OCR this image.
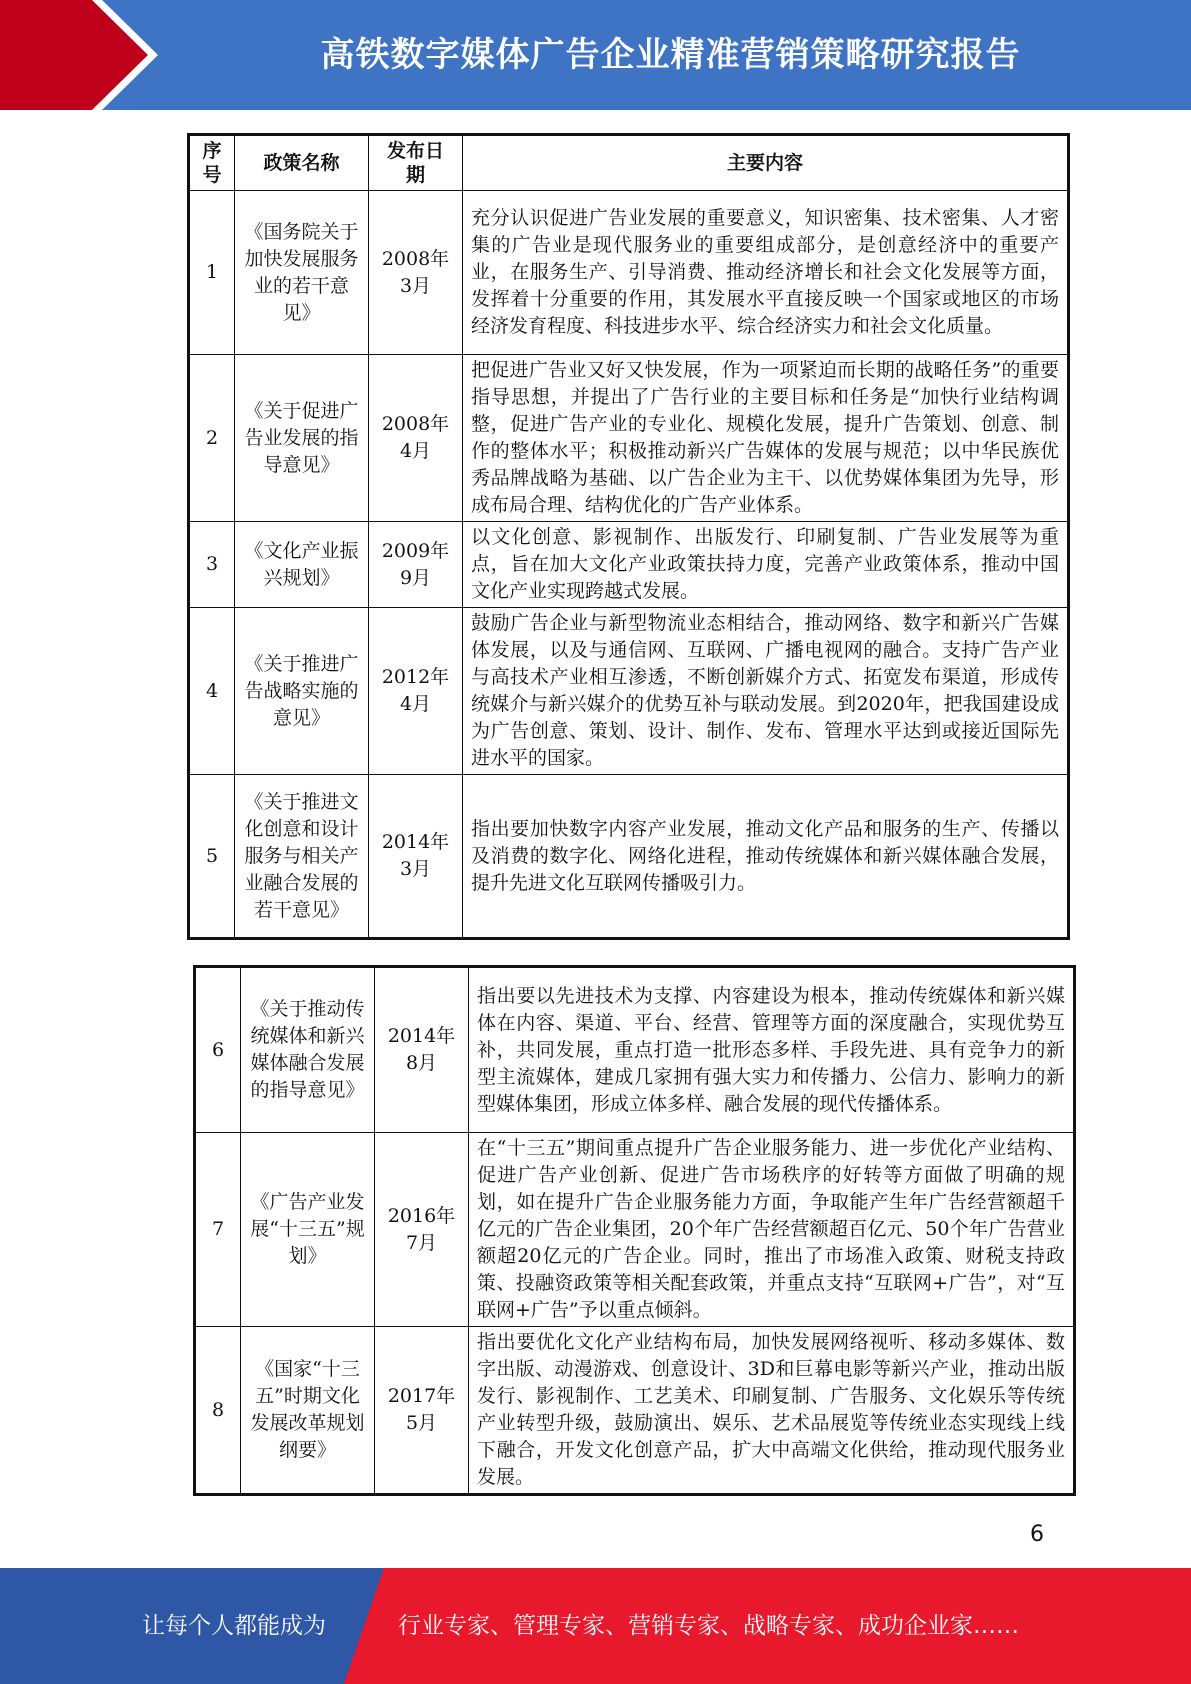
高铁数字媒体广告企业精准营销策略研究报告
序号	政策名称	发布日期	主要内容
1	《国务院关于加快发展服务业的若干意见》	2008年3月	充分认识促进广告业发展的重要意义，知识密集、技术密集、人才密集的广告业是现代服务业的重要组成部分，是创意经济中的重要产业，在服务生产、引导消费、推动经济增长和社会文化发展等方面，发挥着十分重要的作用，其发展水平直接反映一个国家或地区的市场经济发育程度、科技进步水平、综合经济实力和社会文化质量。
2	《关于促进广告业发展的指导意见》	2008年4月	把促进广告业又好又快发展，作为一项紧迫而长期的战略任务”的重要指导思想，并提出了广告行业的主要目标和任务是“加快行业结构调整，促进广告产业的专业化、规模化发展，提升广告策划、创意、制作的整体水平；积极推动新兴广告媒体的发展与规范；以中华民族优秀品牌战略为基础、以广告企业为主干、以优势媒体集团为先导，形成布局合理、结构优化的广告产业体系。
3	《文化产业振兴规划》	2009年9月	以文化创意、影视制作、出版发行、印刷复制、广告业发展等为重点，旨在加大文化产业政策扶持力度，完善产业政策体系，推动中国文化产业实现跨越式发展。
4	《关于推进广告战略实施的意见》	2012年4月	鼓励广告企业与新型物流业态相结合，推动网络、数字和新兴广告媒体发展，以及与通信网、互联网、广播电视网的融合。支持广告产业与高技术产业相互渗透，不断创新媒介方式、拓宽发布渠道，形成传统媒介与新兴媒介的优势互补与联动发展。到2020年，把我国建设成为广告创意、策划、设计、制作、发布、管理水平达到或接近国际先进水平的国家。
5	《关于推进文化创意和设计服务与相关产业融合发展的若干意见》	2014年3月	指出要加快数字内容产业发展，推动文化产品和服务的生产、传播以及消费的数字化、网络化进程，推动传统媒体和新兴媒体融合发展，提升先进文化互联网传播吸引力。
6	《关于推动传统媒体和新兴媒体融合发展的指导意见》	2014年8月	指出要以先进技术为支撑、内容建设为根本，推动传统媒体和新兴媒体在内容、渠道、平台、经营、管理等方面的深度融合，实现优势互补，共同发展，重点打造一批形态多样、手段先进、具有竞争力的新型主流媒体，建成几家拥有强大实力和传播力、公信力、影响力的新型媒体集团，形成立体多样、融合发展的现代传播体系。
7	《广告产业发展“十三五”规划》	2016年7月	在“十三五”期间重点提升广告企业服务能力、进一步优化产业结构、促进广告产业创新、促进广告市场秩序的好转等方面做了明确的规划，如在提升广告企业服务能力方面，争取能产生年广告经营额超千亿元的广告企业集团，20个年广告经营额超百亿元、50个年广告营业额超20亿元的广告企业。同时，推出了市场准入政策、财税支持政策、投融资政策等相关配套政策，并重点支持“互联网+广告”，对“互联网+广告”予以重点倾斜。
8	《国家“十三五”时期文化发展改革规划纲要》	2017年5月	指出要优化文化产业结构布局，加快发展网络视听、移动多媒体、数字出版、动漫游戏、创意设计、3D和巨幕电影等新兴产业，推动出版发行、影视制作、工艺美术、印刷复制、广告服务、文化娱乐等传统产业转型升级，鼓励演出、娱乐、艺术品展览等传统业态实现线上线下融合，开发文化创意产品，扩大中高端文化供给，推动现代服务业发展。
6
让每个人都能成为	行业专家、管理专家、营销专家、战略专家、成功企业家……
